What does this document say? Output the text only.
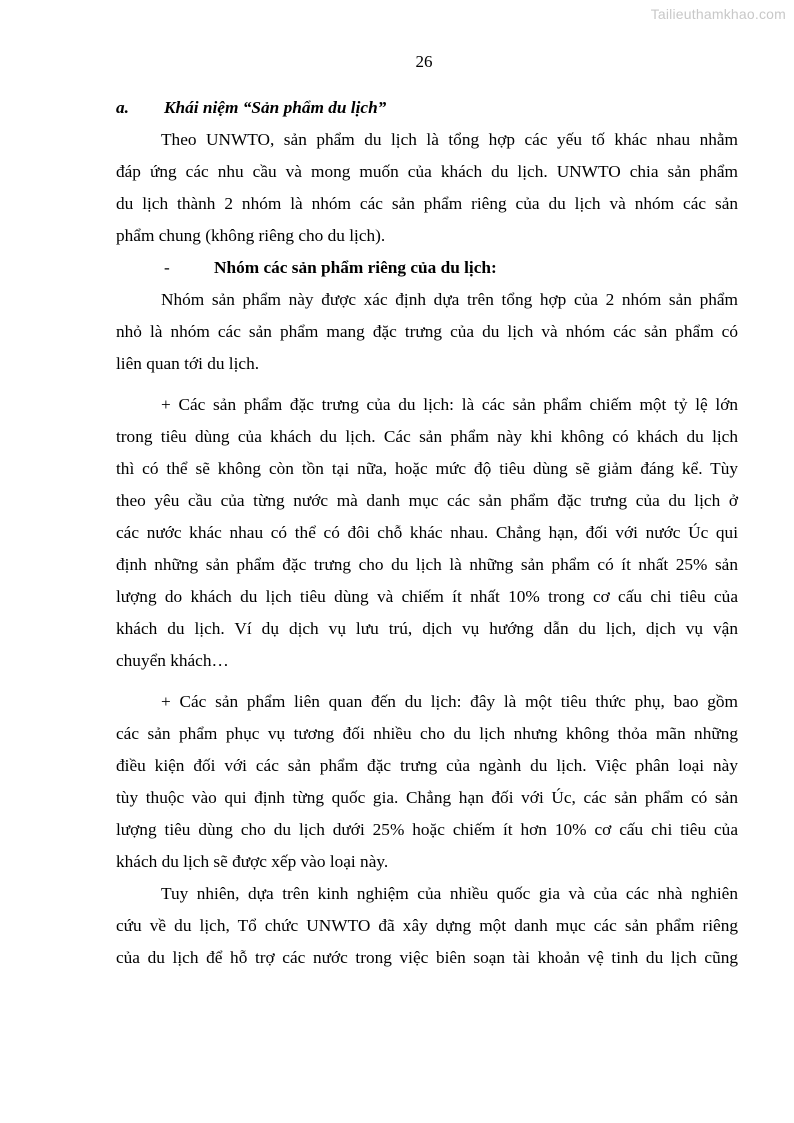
Tailieuthamkhao.com
26
a. Khái niệm “Sản phẩm du lịch”
Theo UNWTO, sản phẩm du lịch là tổng hợp các yếu tố khác nhau nhằm
đáp ứng các nhu cầu và mong muốn của khách du lịch. UNWTO chia sản phẩm
du lịch thành 2 nhóm là nhóm các sản phẩm riêng của du lịch và nhóm các sản
phẩm chung (không riêng cho du lịch).
-	Nhóm các sản phẩm riêng của du lịch:
Nhóm sản phẩm này được xác định dựa trên tổng hợp của 2 nhóm sản phẩm
nhỏ là nhóm các sản phẩm mang đặc trưng của du lịch và nhóm các sản phẩm có
liên quan tới du lịch.
+ Các sản phẩm đặc trưng của du lịch: là các sản phẩm chiếm một tỷ lệ lớn
trong tiêu dùng của khách du lịch. Các sản phẩm này khi không có khách du lịch
thì có thể sẽ không còn tồn tại nữa, hoặc mức độ tiêu dùng sẽ giảm đáng kể. Tùy
theo yêu cầu của từng nước mà danh mục các sản phẩm đặc trưng của du lịch ở
các nước khác nhau có thể có đôi chỗ khác nhau. Chẳng hạn, đối với nước Úc qui
định những sản phẩm đặc trưng cho du lịch là những sản phẩm có ít nhất 25% sản
lượng do khách du lịch tiêu dùng và chiếm ít nhất 10% trong cơ cấu chi tiêu của
khách du lịch. Ví dụ dịch vụ lưu trú, dịch vụ hướng dẫn du lịch, dịch vụ vận
chuyển khách…
+ Các sản phẩm liên quan đến du lịch: đây là một tiêu thức phụ, bao gồm
các sản phẩm phục vụ tương đối nhiều cho du lịch nhưng không thỏa mãn những
điều kiện đối với các sản phẩm đặc trưng của ngành du lịch. Việc phân loại này
tùy thuộc vào qui định từng quốc gia. Chẳng hạn đối với Úc, các sản phẩm có sản
lượng tiêu dùng cho du lịch dưới 25% hoặc chiếm ít hơn 10% cơ cấu chi tiêu của
khách du lịch sẽ được xếp vào loại này.
Tuy nhiên, dựa trên kinh nghiệm của nhiều quốc gia và của các nhà nghiên
cứu về du lịch, Tổ chức UNWTO đã xây dựng một danh mục các sản phẩm riêng
của du lịch để hỗ trợ các nước trong việc biên soạn tài khoản vệ tinh du lịch cũng
